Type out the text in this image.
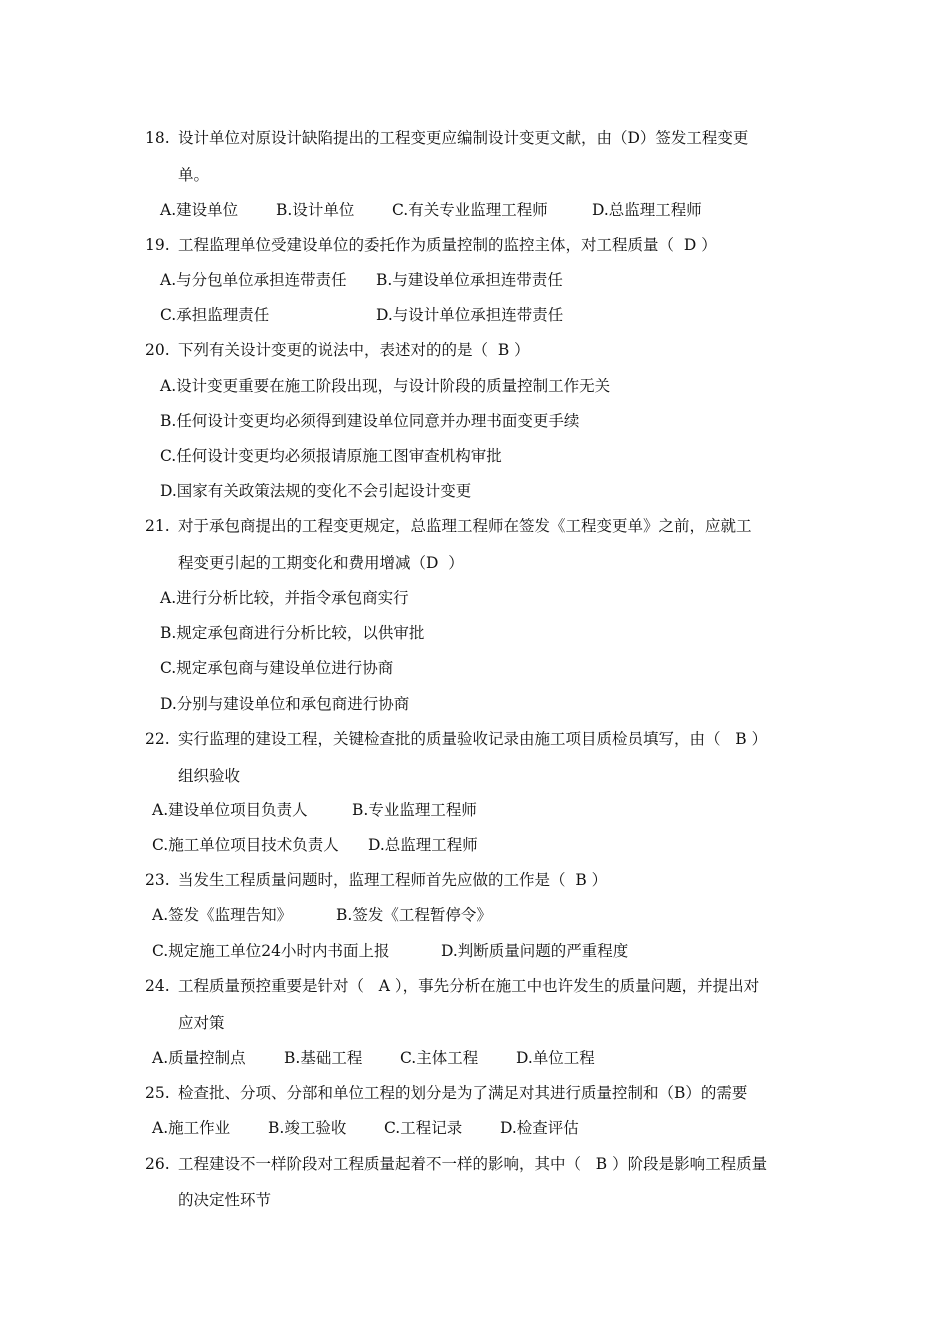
18. 设计单位对原设计缺陷提出的工程变更应编制设计变更文献，由（D）签发工程变更
单。
A.建设单位 B.设计单位 C.有关专业监理工程师	D.总监理工程师
19. 工程监理单位受建设单位的委托作为质量控制的监控主体，对工程质量（  D ）
A.与分包单位承担连带责任 B.与建设单位承担连带责任
C.承担监理责任	D.与设计单位承担连带责任
20. 下列有关设计变更的说法中，表述对的的是（  B ）
A.设计变更重要在施工阶段出现，与设计阶段的质量控制工作无关
B.任何设计变更均必须得到建设单位同意并办理书面变更手续
C.任何设计变更均必须报请原施工图审查机构审批
D.国家有关政策法规的变化不会引起设计变更
21. 对于承包商提出的工程变更规定，总监理工程师在签发《工程变更单》之前，应就工
程变更引起的工期变化和费用增减（D  ）
A.进行分析比较，并指令承包商实行
B.规定承包商进行分析比较，以供审批
C.规定承包商与建设单位进行协商
D.分别与建设单位和承包商进行协商
22. 实行监理的建设工程，关键检查批的质量验收记录由施工项目质检员填写，由（   B ）
组织验收
A.建设单位项目负责人	B.专业监理工程师
C.施工单位项目技术负责人 D.总监理工程师
23. 当发生工程质量问题时，监理工程师首先应做的工作是（  B ）
A.签发《监理告知》	B.签发《工程暂停令》
C.规定施工单位24小时内书面上报	D.判断质量问题的严重程度
24. 工程质量预控重要是针对（   A ），事先分析在施工中也许发生的质量问题，并提出对
应对策
A.质量控制点 B.基础工程 C.主体工程 D.单位工程
25. 检查批、分项、分部和单位工程的划分是为了满足对其进行质量控制和（B）的需要
A.施工作业 B.竣工验收 C.工程记录 D.检查评估
26. 工程建设不一样阶段对工程质量起着不一样的影响，其中（   B ）阶段是影响工程质量
的决定性环节
